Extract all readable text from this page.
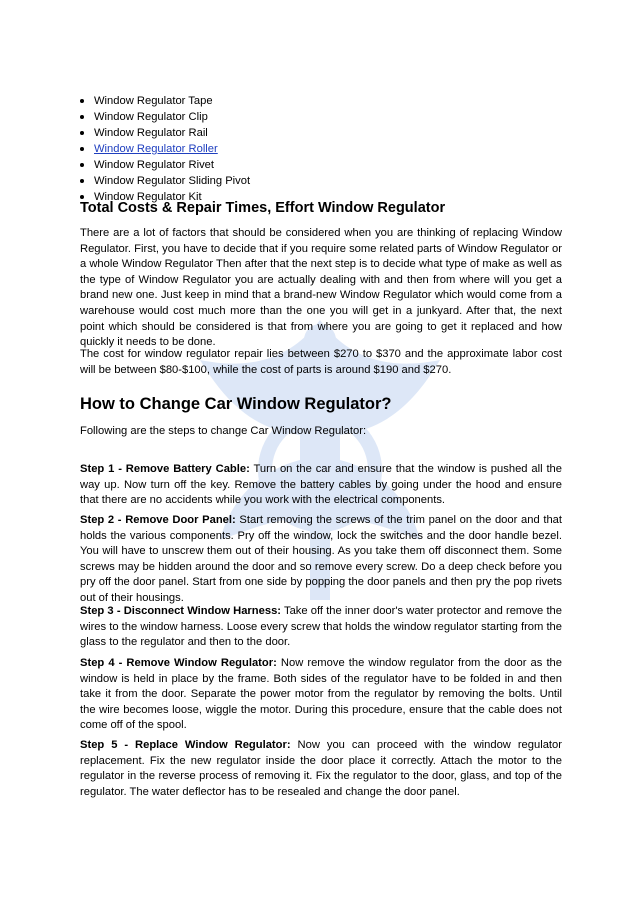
Window Regulator Tape
Window Regulator Clip
Window Regulator Rail
Window Regulator Roller
Window Regulator Rivet
Window Regulator Sliding Pivot
Window Regulator Kit
Total Costs & Repair Times, Effort Window Regulator

There are a lot of factors that should be considered when you are thinking of replacing Window Regulator. First, you have to decide that if you require some related parts of Window Regulator or a whole Window Regulator Then after that the next step is to decide what type of make as well as the type of Window Regulator you are actually dealing with and then from where will you get a brand new one. Just keep in mind that a brand-new Window Regulator which would come from a warehouse would cost much more than the one you will get in a junkyard. After that, the next point which should be considered is that from where you are going to get it replaced and how quickly it needs to be done.

The cost for window regulator repair lies between $270 to $370 and the approximate labor cost will be between $80-$100, while the cost of parts is around $190 and $270.

How to Change Car Window Regulator?

Following are the steps to change Car Window Regulator:

Step 1 - Remove Battery Cable: Turn on the car and ensure that the window is pushed all the way up. Now turn off the key. Remove the battery cables by going under the hood and ensure that there are no accidents while you work with the electrical components.

Step 2 - Remove Door Panel: Start removing the screws of the trim panel on the door and that holds the various components. Pry off the window, lock the switches and the door handle bezel. You will have to unscrew them out of their housing. As you take them off disconnect them. Some screws may be hidden around the door and so remove every screw. Do a deep check before you pry off the door panel. Start from one side by popping the door panels and then pry the pop rivets out of their housings.

Step 3 - Disconnect Window Harness: Take off the inner door's water protector and remove the wires to the window harness. Loose every screw that holds the window regulator starting from the glass to the regulator and then to the door.

Step 4 - Remove Window Regulator: Now remove the window regulator from the door as the window is held in place by the frame. Both sides of the regulator have to be folded in and then take it from the door. Separate the power motor from the regulator by removing the bolts. Until the wire becomes loose, wiggle the motor. During this procedure, ensure that the cable does not come off of the spool.

Step 5 - Replace Window Regulator: Now you can proceed with the window regulator replacement. Fix the new regulator inside the door place it correctly. Attach the motor to the regulator in the reverse process of removing it. Fix the regulator to the door, glass, and top of the regulator. The water deflector has to be resealed and change the door panel.
